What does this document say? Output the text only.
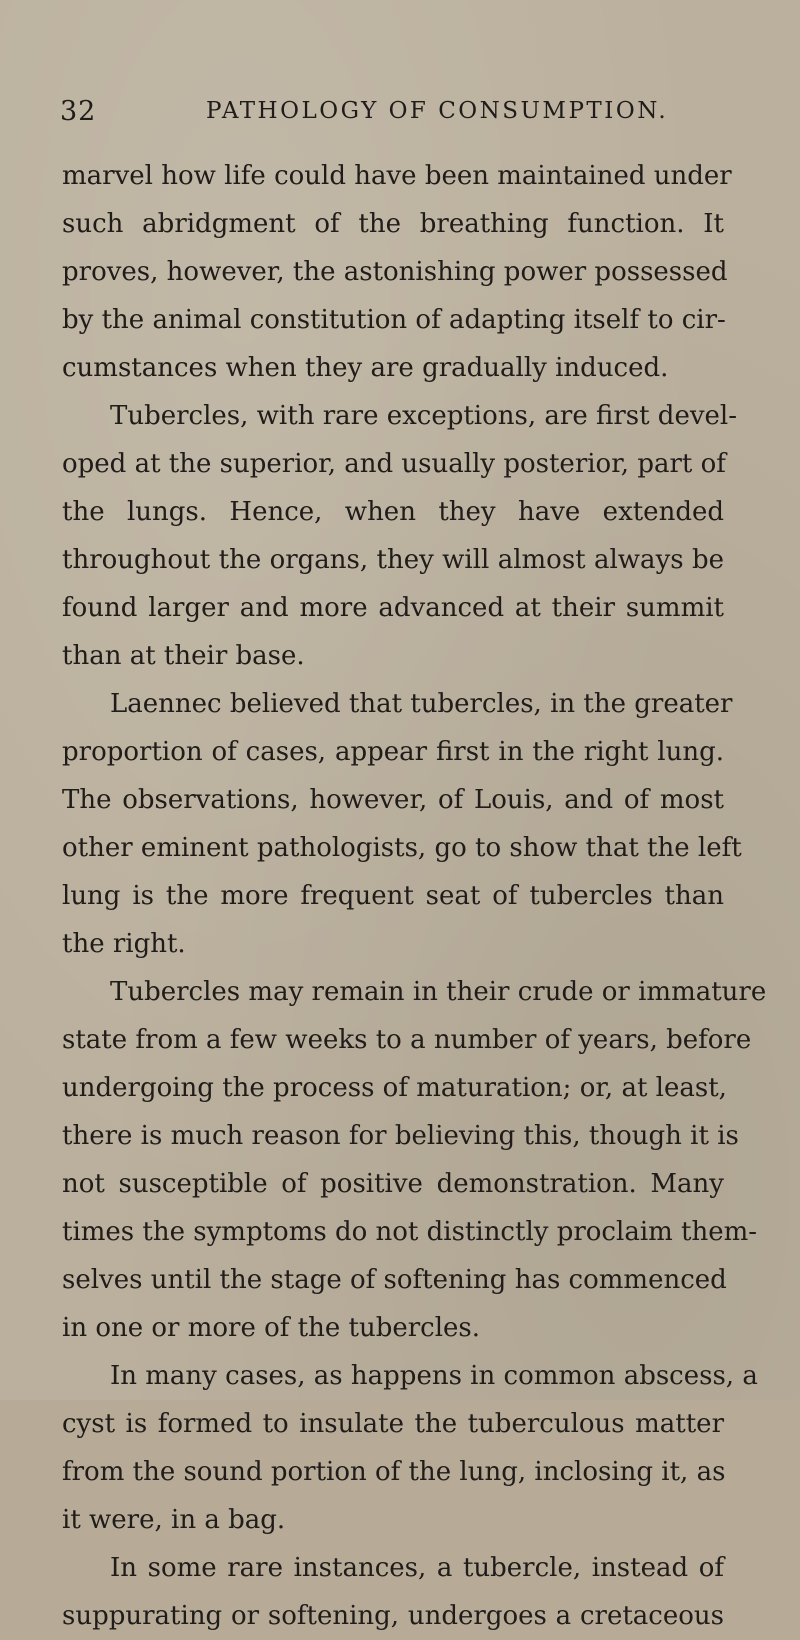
32	PATHOLOGY OF CONSUMPTION.
marvel how life could have been maintained under
such abridgment of the breathing function. It
proves, however, the astonishing power possessed
by the animal constitution of adapting itself to cir-
cumstances when they are gradually induced.
Tubercles, with rare exceptions, are first devel-
oped at the superior, and usually posterior, part of
the lungs. Hence, when they have extended
throughout the organs, they will almost always be
found larger and more advanced at their summit
than at their base.
Laennec believed that tubercles, in the greater
proportion of cases, appear first in the right lung.
The observations, however, of Louis, and of most
other eminent pathologists, go to show that the left
lung is the more frequent seat of tubercles than
the right.
Tubercles may remain in their crude or immature
state from a few weeks to a number of years, before
undergoing the process of maturation; or, at least,
there is much reason for believing this, though it is
not susceptible of positive demonstration. Many
times the symptoms do not distinctly proclaim them-
selves until the stage of softening has commenced
in one or more of the tubercles.
In many cases, as happens in common abscess, a
cyst is formed to insulate the tuberculous matter
from the sound portion of the lung, inclosing it, as
it were, in a bag.
In some rare instances, a tubercle, instead of
suppurating or softening, undergoes a cretaceous
